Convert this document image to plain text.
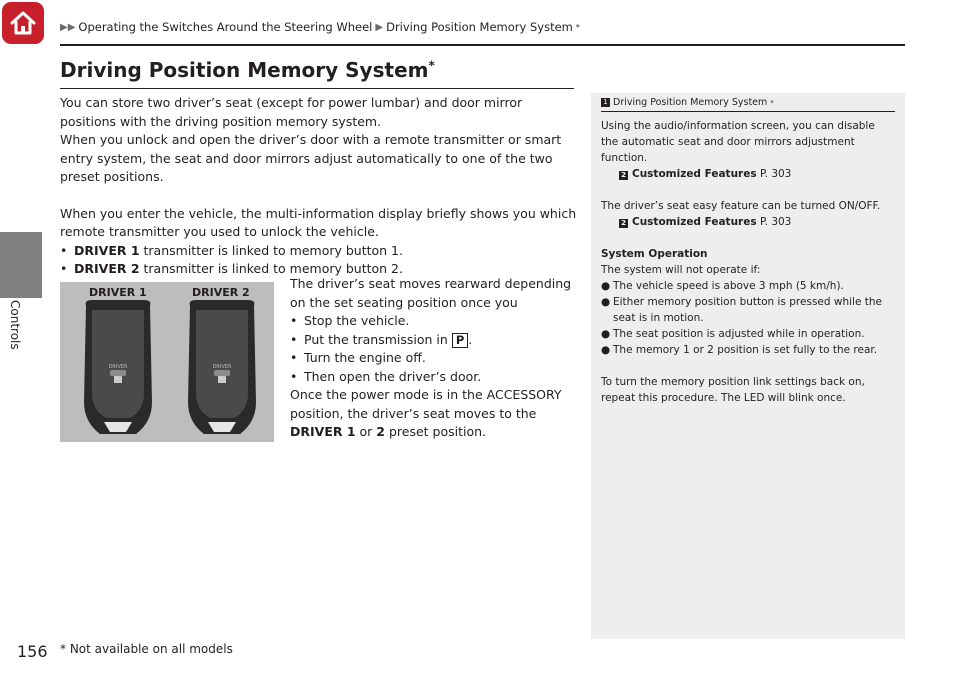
▶▶ Operating the Switches Around the Steering Wheel ▶ Driving Position Memory System *
Controls
Driving Position Memory System*

You can store two driver’s seat (except for power lumbar) and door mirror positions with the driving position memory system.

When you unlock and open the driver’s door with a remote transmitter or smart entry system, the seat and door mirrors adjust automatically to one of the two preset positions.

When you enter the vehicle, the multi-information display briefly shows you which remote transmitter you used to unlock the vehicle.

• DRIVER 1 transmitter is linked to memory button 1.
• DRIVER 2 transmitter is linked to memory button 2.
DRIVER 1	DRIVER 2
DRIVER	DRIVER

The driver’s seat moves rearward depending on the set seating position once you

• Stop the vehicle.
• Put the transmission in P .
• Turn the engine off.
• Then open the driver’s door.

Once the power mode is in the ACCESSORY position, the driver’s seat moves to the DRIVER 1 or 2 preset position.

1 Driving Position Memory System *

Using the audio/information screen, you can disable the automatic seat and door mirrors adjustment function.

2 Customized Features P. 303

The driver’s seat easy feature can be turned ON/OFF.

2 Customized Features P. 303

System Operation

The system will not operate if:

● The vehicle speed is above 3 mph (5 km/h).
● Either memory position button is pressed while the seat is in motion.
● The seat position is adjusted while in operation.
● The memory 1 or 2 position is set fully to the rear.

To turn the memory position link settings back on, repeat this procedure. The LED will blink once.

156 * Not available on all models
